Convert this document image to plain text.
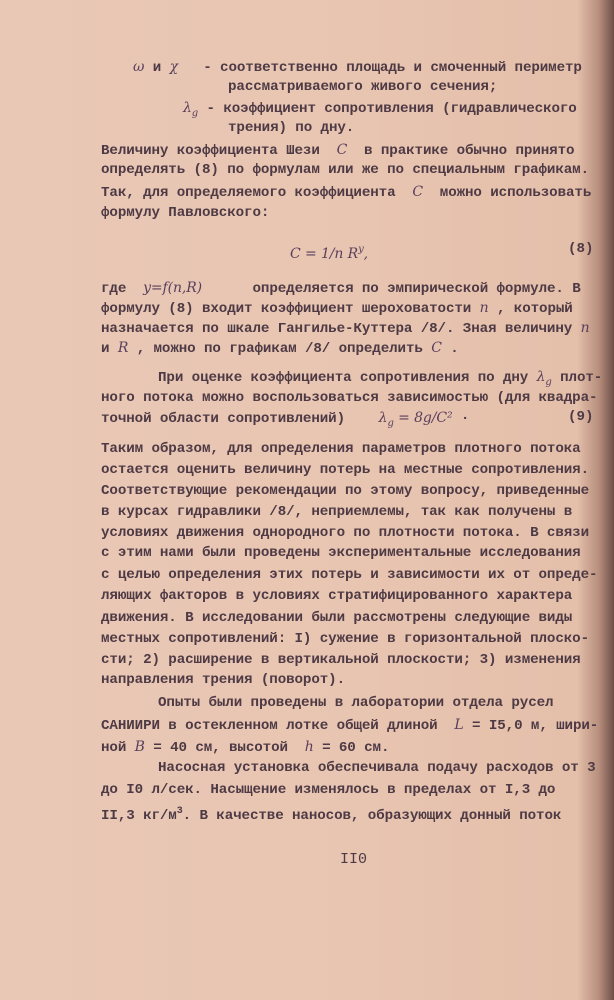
ω и χ   - соответственно площадь и смоченный периметр
рассматриваемого живого сечения;
$\lambda_g$ - коэффициент сопротивления (гидравлического
трения) по дну.
Величину коэффициента Шези  C  в практике обычно принято
определять (8) по формулам или же по специальным графикам.
Так, для определяемого коэффициента  C  можно использовать
формулу Павловского:
C = 1/n $R^y$,	(8)
где  y=f(n,R)      определяется по эмпирической формуле. В
формулу (8) входит коэффициент шероховатости n , который
назначается по шкале Гангилье-Куттера /8/. Зная величину n
и R , можно по графикам /8/ определить C .
При оценке коэффициента сопротивления по дну $\lambda_g$ плот-
ного потока можно воспользоваться зависимостью (для квадра-
точной области сопротивлений)    $\lambda_g = 8g/C^2$ ·	(9)
Таким образом, для определения параметров плотного потока
остается оценить величину потерь на местные сопротивления.
Соответствующие рекомендации по этому вопросу, приведенные
в курсах гидравлики /8/, неприемлемы, так как получены в
условиях движения однородного по плотности потока. В связи
с этим нами были проведены экспериментальные исследования
с целью определения этих потерь и зависимости их от опреде-
ляющих факторов в условиях стратифицированного характера
движения. В исследовании были рассмотрены следующие виды
местных сопротивлений: I) сужение в горизонтальной плоско-
сти; 2) расширение в вертикальной плоскости; 3) изменения
направления трения (поворот).
Опыты были проведены в лаборатории отдела русел
САНИИРИ в остекленном лотке общей длиной  L = I5,0 м, шири-
ной B = 40 см, высотой  h = 60 см.
Насосная установка обеспечивала подачу расходов от 3
до I0 л/сек. Насыщение изменялось в пределах от I,3 до
II,3 $кг/м^3$. В качестве наносов, образующих донный поток
II0
